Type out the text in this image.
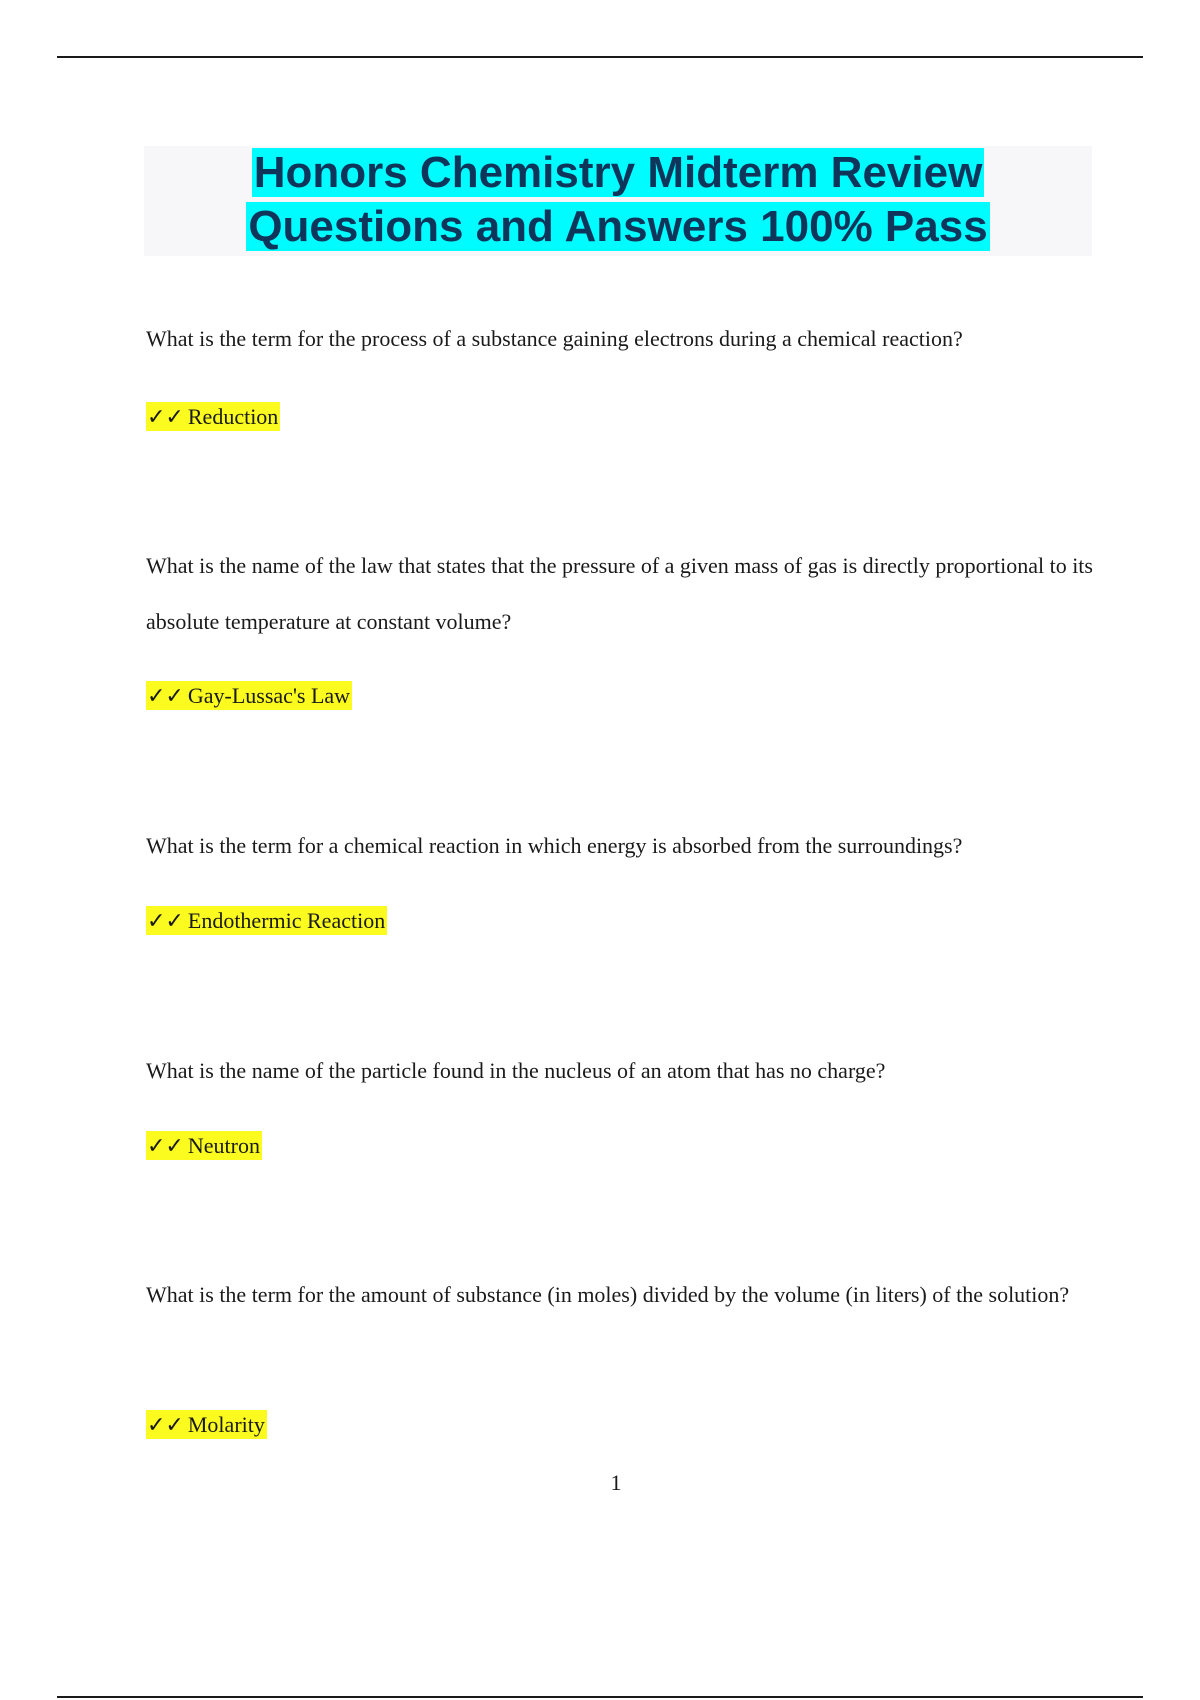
Honors Chemistry Midterm Review
Questions and Answers 100% Pass
What is the term for the process of a substance gaining electrons during a chemical reaction?
✓✓ Reduction
What is the name of the law that states that the pressure of a given mass of gas is directly proportional to its absolute temperature at constant volume?
✓✓ Gay-Lussac's Law
What is the term for a chemical reaction in which energy is absorbed from the surroundings?
✓✓ Endothermic Reaction
What is the name of the particle found in the nucleus of an atom that has no charge?
✓✓ Neutron
What is the term for the amount of substance (in moles) divided by the volume (in liters) of the solution?
✓✓ Molarity
1
